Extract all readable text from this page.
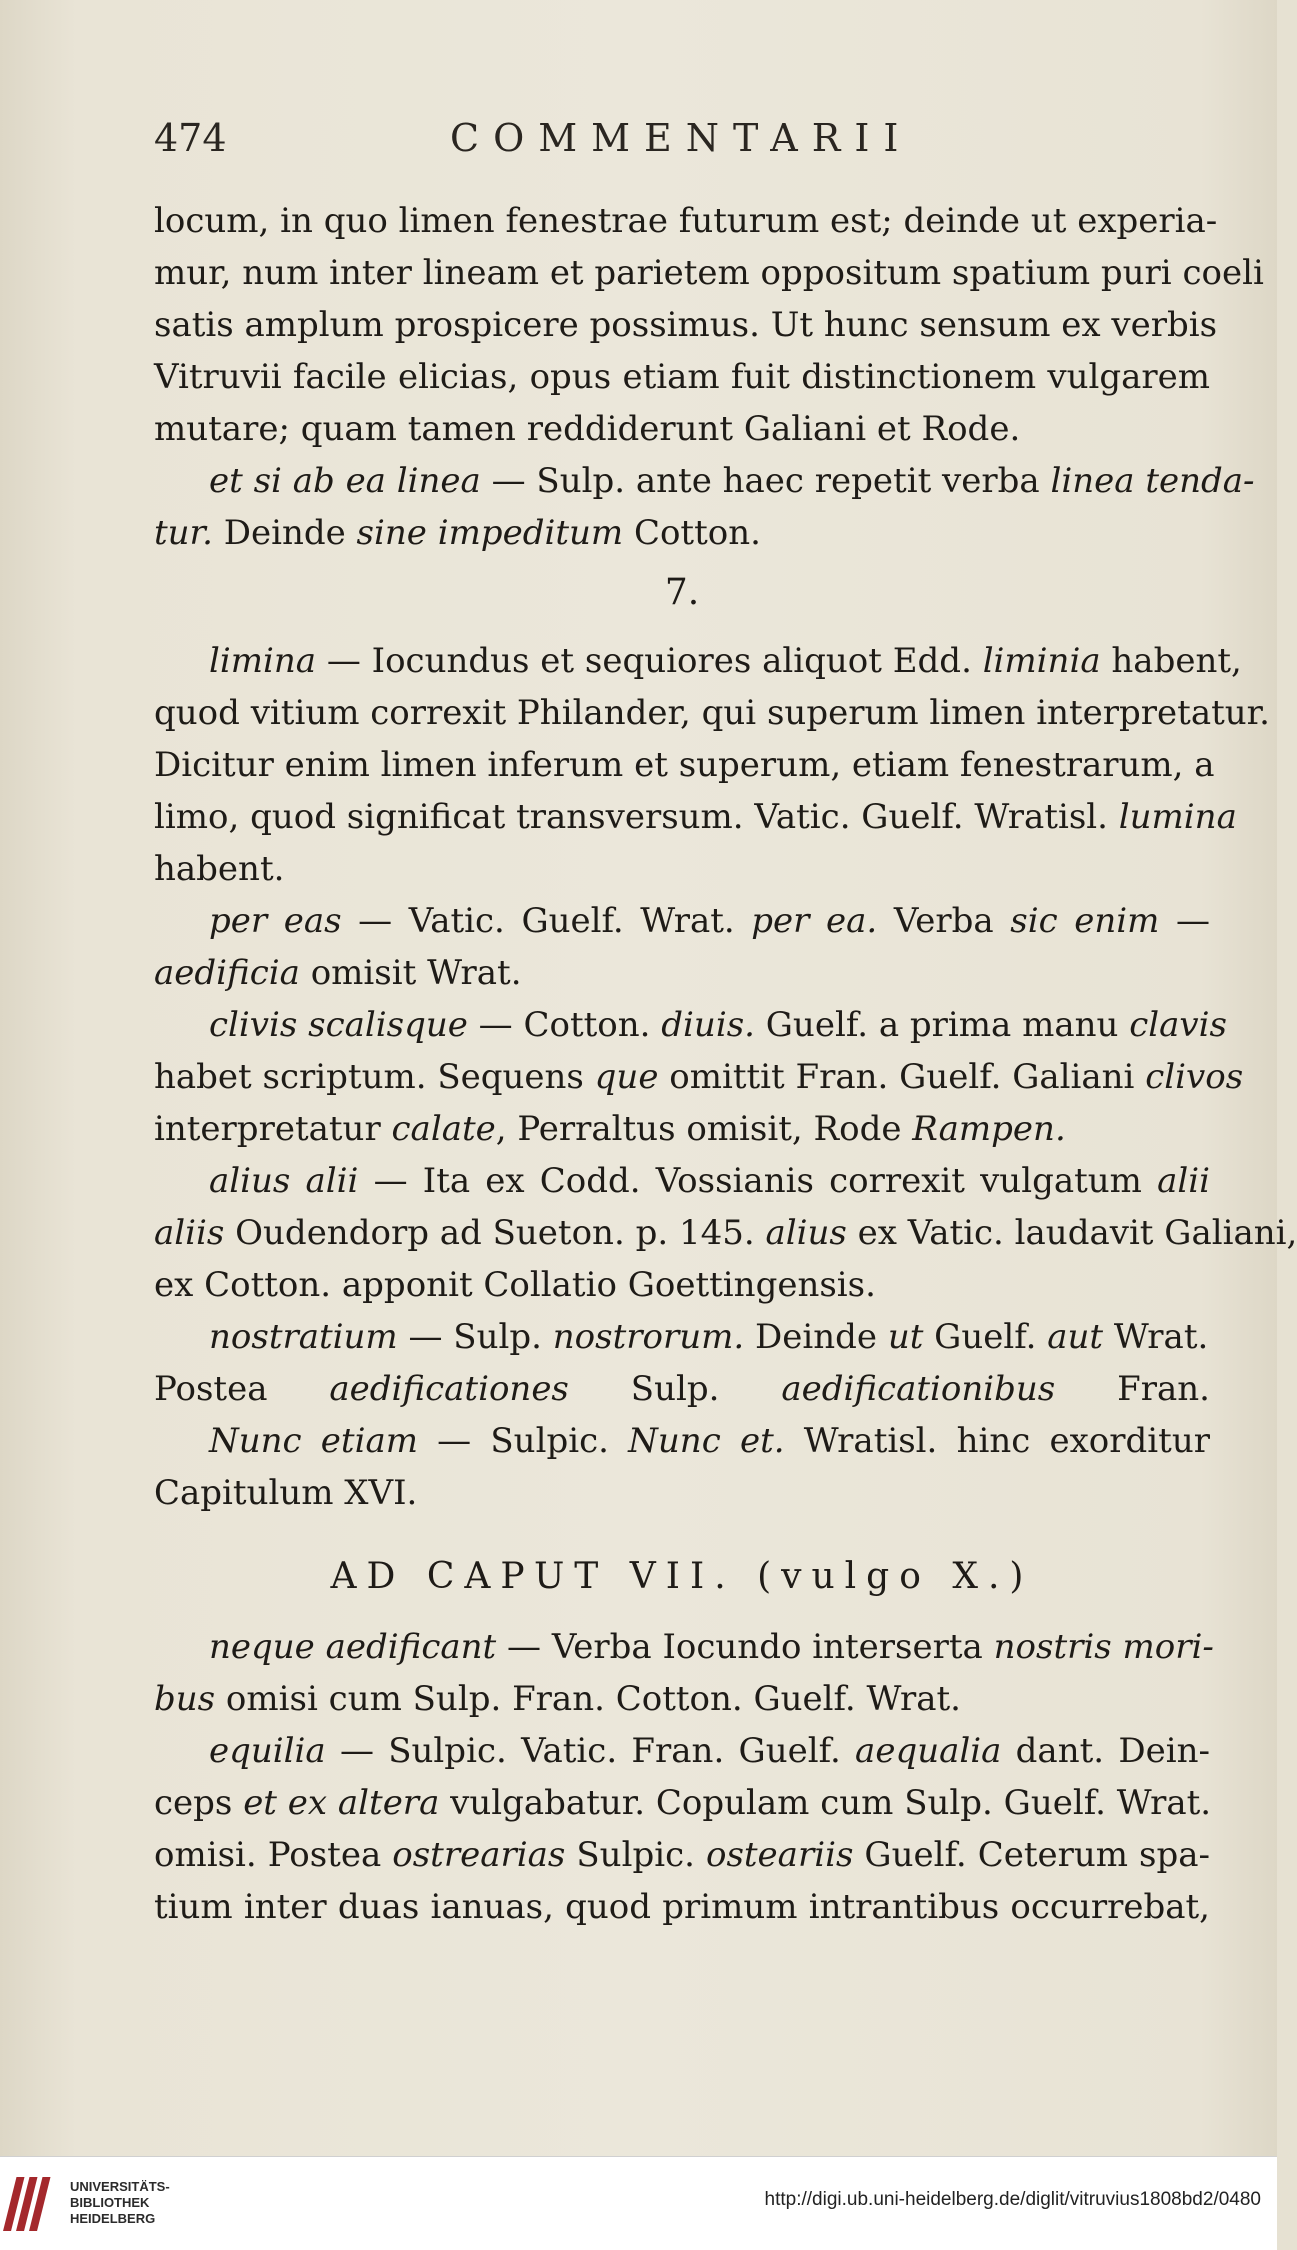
474	COMMENTARII
7.
AD CAPUT VII. (vulgo X.)
locum, in quo limen fenestrae futurum est; deinde ut experia-
mur, num inter lineam et parietem oppositum spatium puri coeli
satis amplum prospicere possimus. Ut hunc sensum ex verbis
Vitruvii facile elicias, opus etiam fuit distinctionem vulgarem
mutare; quam tamen reddiderunt Galiani et Rode.
et si ab ea linea — Sulp. ante haec repetit verba linea tenda-
tur. Deinde sine impeditum Cotton.
limina — Iocundus et sequiores aliquot Edd. liminia habent,
quod vitium correxit Philander, qui superum limen interpretatur.
Dicitur enim limen inferum et superum, etiam fenestrarum, a
limo, quod significat transversum. Vatic. Guelf. Wratisl. lumina
habent.
per eas — Vatic. Guelf. Wrat. per ea. Verba sic enim —
aedificia omisit Wrat.
clivis scalisque — Cotton. diuis. Guelf. a prima manu clavis
habet scriptum. Sequens que omittit Fran. Guelf. Galiani clivos
interpretatur calate, Perraltus omisit, Rode Rampen.
alius alii — Ita ex Codd. Vossianis correxit vulgatum alii
aliis Oudendorp ad Sueton. p. 145. alius ex Vatic. laudavit Galiani,
ex Cotton. apponit Collatio Goettingensis.
nostratium — Sulp. nostrorum. Deinde ut Guelf. aut Wrat.
Postea aedificationes Sulp. aedificationibus Fran.
Nunc etiam — Sulpic. Nunc et. Wratisl. hinc exorditur
Capitulum XVI.
neque aedificant — Verba Iocundo interserta nostris mori-
bus omisi cum Sulp. Fran. Cotton. Guelf. Wrat.
equilia — Sulpic. Vatic. Fran. Guelf. aequalia dant. Dein-
ceps et ex altera vulgabatur. Copulam cum Sulp. Guelf. Wrat.
omisi. Postea ostrearias Sulpic. osteariis Guelf. Ceterum spa-
tium inter duas ianuas, quod primum intrantibus occurrebat,
UNIVERSITÄTS-
BIBLIOTHEK
HEIDELBERG
http://digi.ub.uni-heidelberg.de/diglit/vitruvius1808bd2/0480
